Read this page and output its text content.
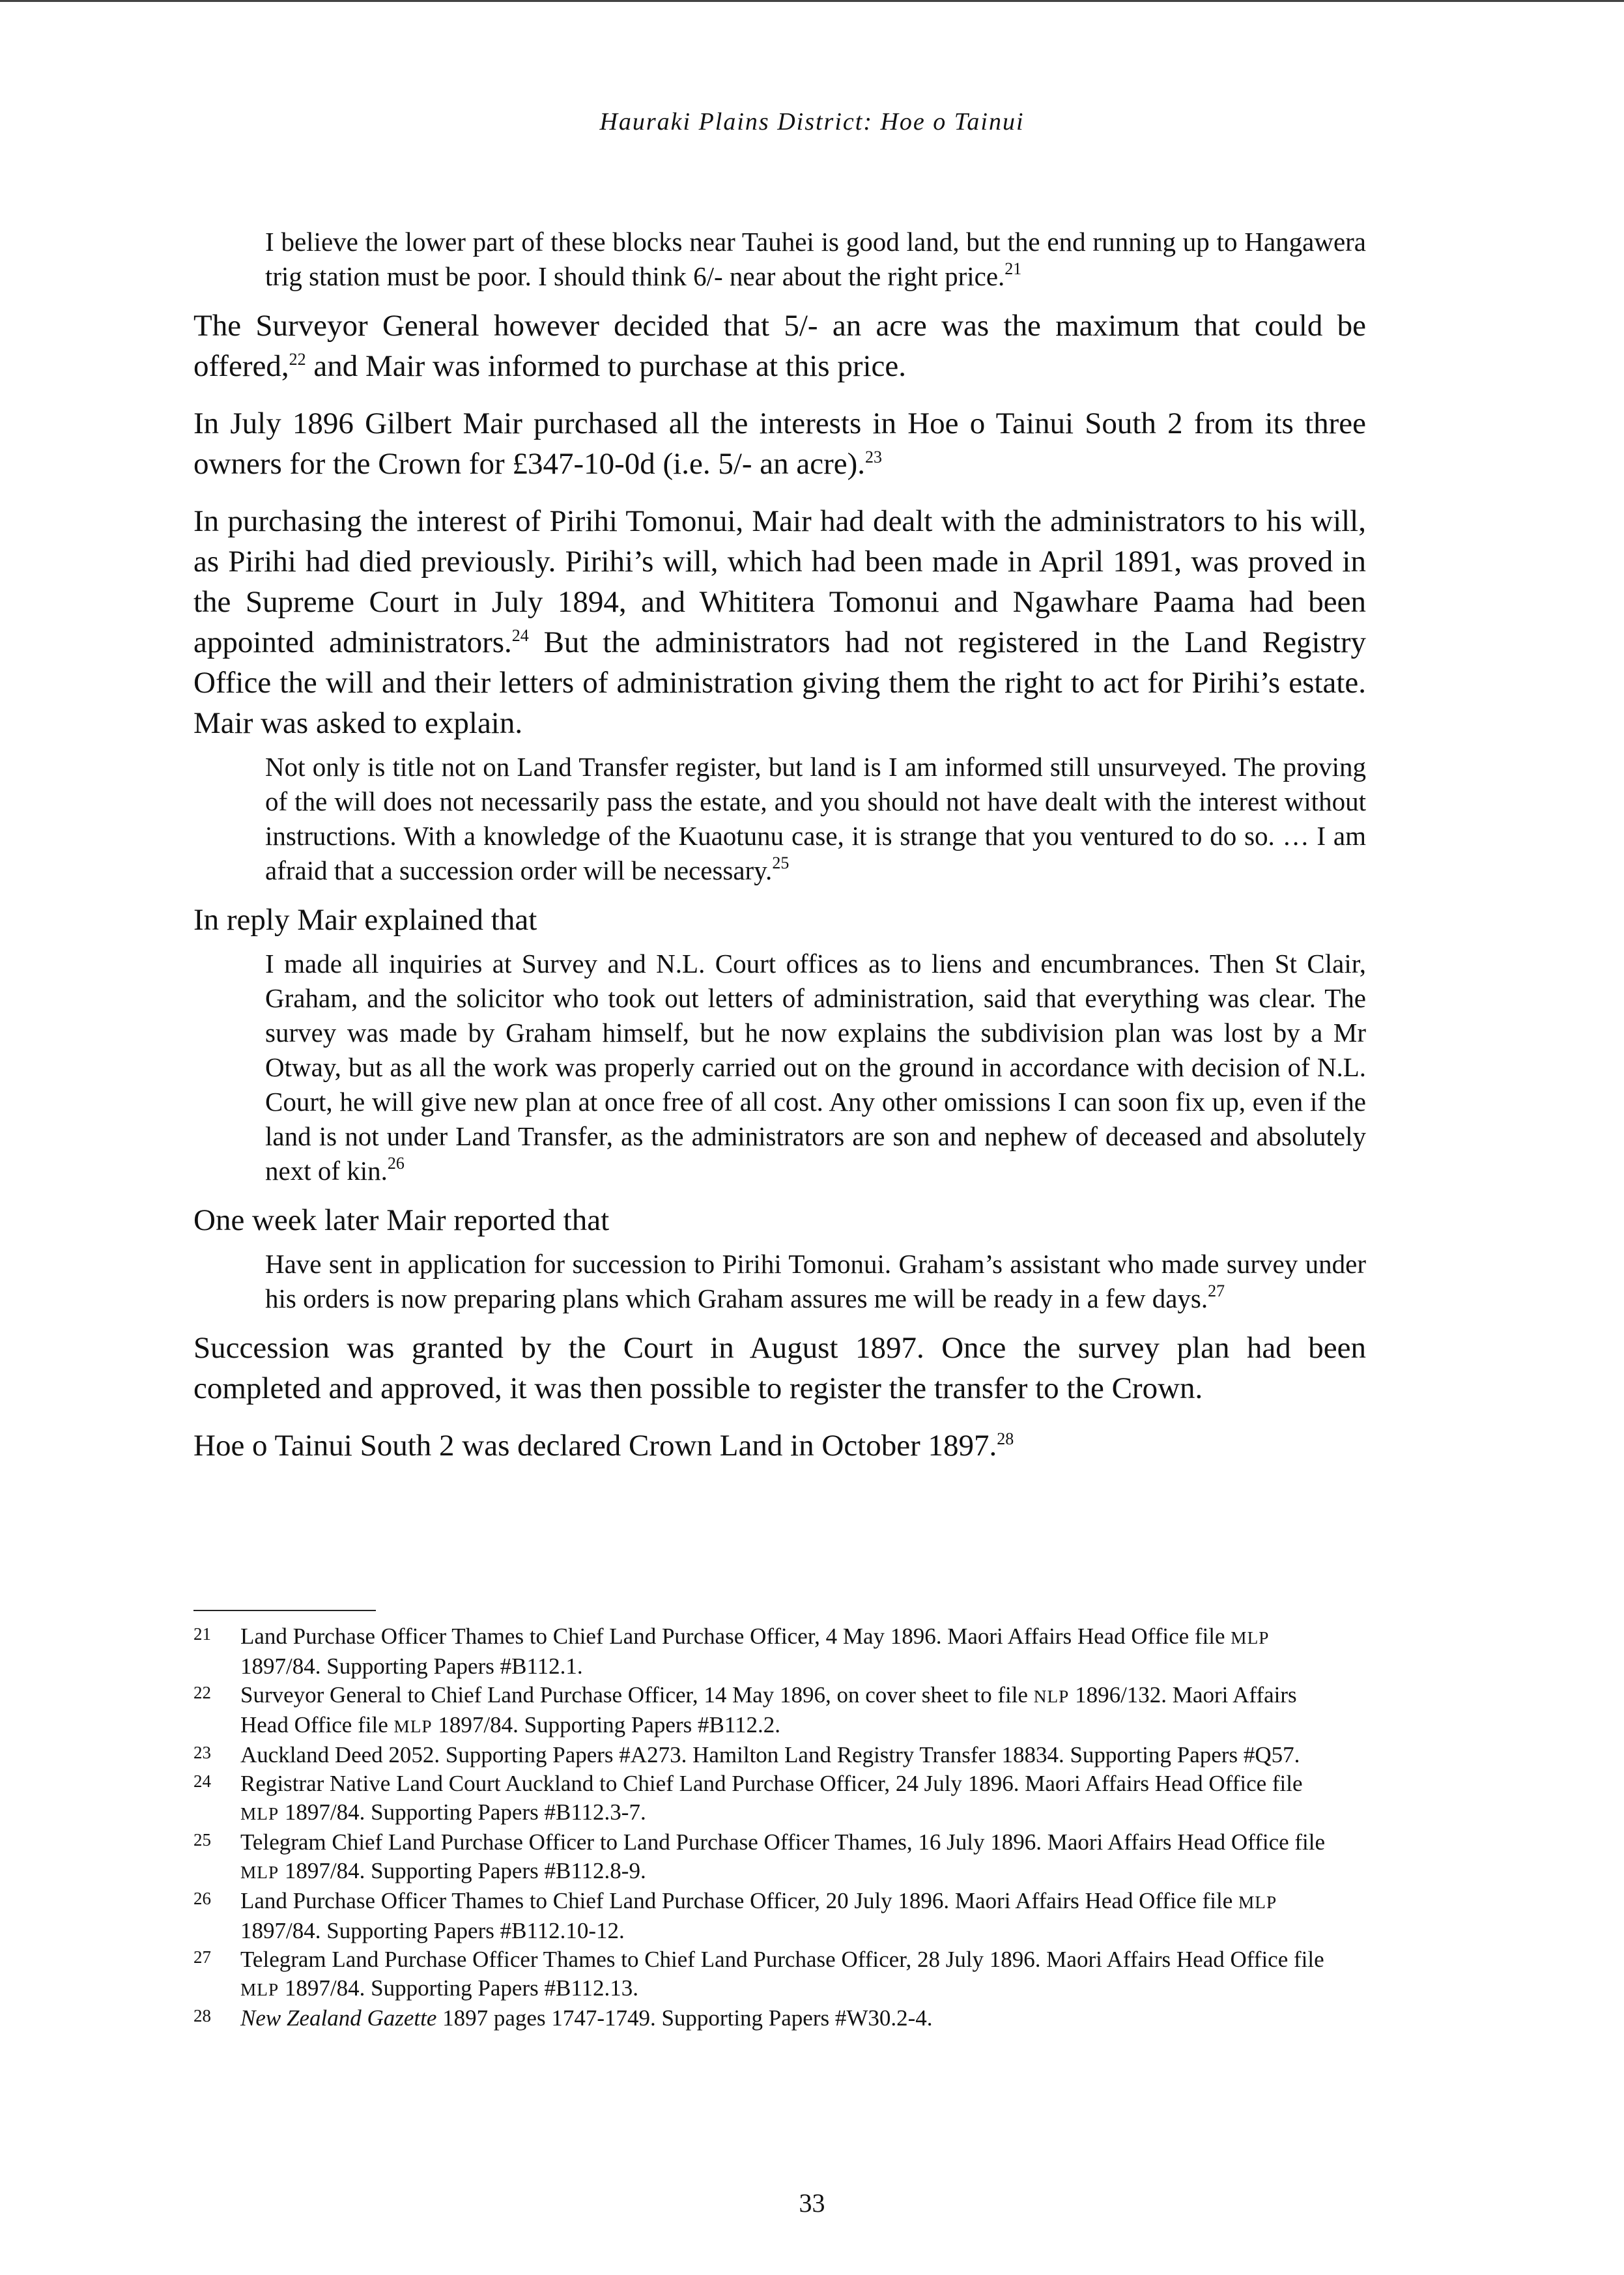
Hauraki Plains District: Hoe o Tainui
I believe the lower part of these blocks near Tauhei is good land, but the end running up to Hangawera trig station must be poor. I should think 6/- near about the right price.$^{21}$

The Surveyor General however decided that 5/- an acre was the maximum that could be offered,$^{22}$ and Mair was informed to purchase at this price.

In July 1896 Gilbert Mair purchased all the interests in Hoe o Tainui South 2 from its three owners for the Crown for £347-10-0d (i.e. 5/- an acre).$^{23}$

In purchasing the interest of Pirihi Tomonui, Mair had dealt with the administrators to his will, as Pirihi had died previously. Pirihi’s will, which had been made in April 1891, was proved in the Supreme Court in July 1894, and Whititera Tomonui and Ngawhare Paama had been appointed administrators.$^{24}$ But the administrators had not registered in the Land Registry Office the will and their letters of administration giving them the right to act for Pirihi’s estate. Mair was asked to explain.

Not only is title not on Land Transfer register, but land is I am informed still unsurveyed. The proving of the will does not necessarily pass the estate, and you should not have dealt with the interest without instructions. With a knowledge of the Kuaotunu case, it is strange that you ventured to do so. … I am afraid that a succession order will be necessary.$^{25}$

In reply Mair explained that

I made all inquiries at Survey and N.L. Court offices as to liens and encumbrances. Then St Clair, Graham, and the solicitor who took out letters of administration, said that everything was clear. The survey was made by Graham himself, but he now explains the subdivision plan was lost by a Mr Otway, but as all the work was properly carried out on the ground in accordance with decision of N.L. Court, he will give new plan at once free of all cost. Any other omissions I can soon fix up, even if the land is not under Land Transfer, as the administrators are son and nephew of deceased and absolutely next of kin.$^{26}$

One week later Mair reported that

Have sent in application for succession to Pirihi Tomonui. Graham’s assistant who made survey under his orders is now preparing plans which Graham assures me will be ready in a few days.$^{27}$

Succession was granted by the Court in August 1897. Once the survey plan had been completed and approved, it was then possible to register the transfer to the Crown.

Hoe o Tainui South 2 was declared Crown Land in October 1897.28

21	Land Purchase Officer Thames to Chief Land Purchase Officer, 4 May 1896. Maori Affairs Head Office file MLP 1897/84. Supporting Papers #B112.1.
22	Surveyor General to Chief Land Purchase Officer, 14 May 1896, on cover sheet to file NLP 1896/132. Maori Affairs Head Office file MLP 1897/84. Supporting Papers #B112.2.
23	Auckland Deed 2052. Supporting Papers #A273. Hamilton Land Registry Transfer 18834. Supporting Papers #Q57.
24	Registrar Native Land Court Auckland to Chief Land Purchase Officer, 24 July 1896. Maori Affairs Head Office file MLP 1897/84. Supporting Papers #B112.3-7.
25	Telegram Chief Land Purchase Officer to Land Purchase Officer Thames, 16 July 1896. Maori Affairs Head Office file MLP 1897/84. Supporting Papers #B112.8-9.
26	Land Purchase Officer Thames to Chief Land Purchase Officer, 20 July 1896. Maori Affairs Head Office file MLP 1897/84. Supporting Papers #B112.10-12.
27	Telegram Land Purchase Officer Thames to Chief Land Purchase Officer, 28 July 1896. Maori Affairs Head Office file MLP 1897/84. Supporting Papers #B112.13.
28	New Zealand Gazette 1897 pages 1747-1749. Supporting Papers #W30.2-4.
33
